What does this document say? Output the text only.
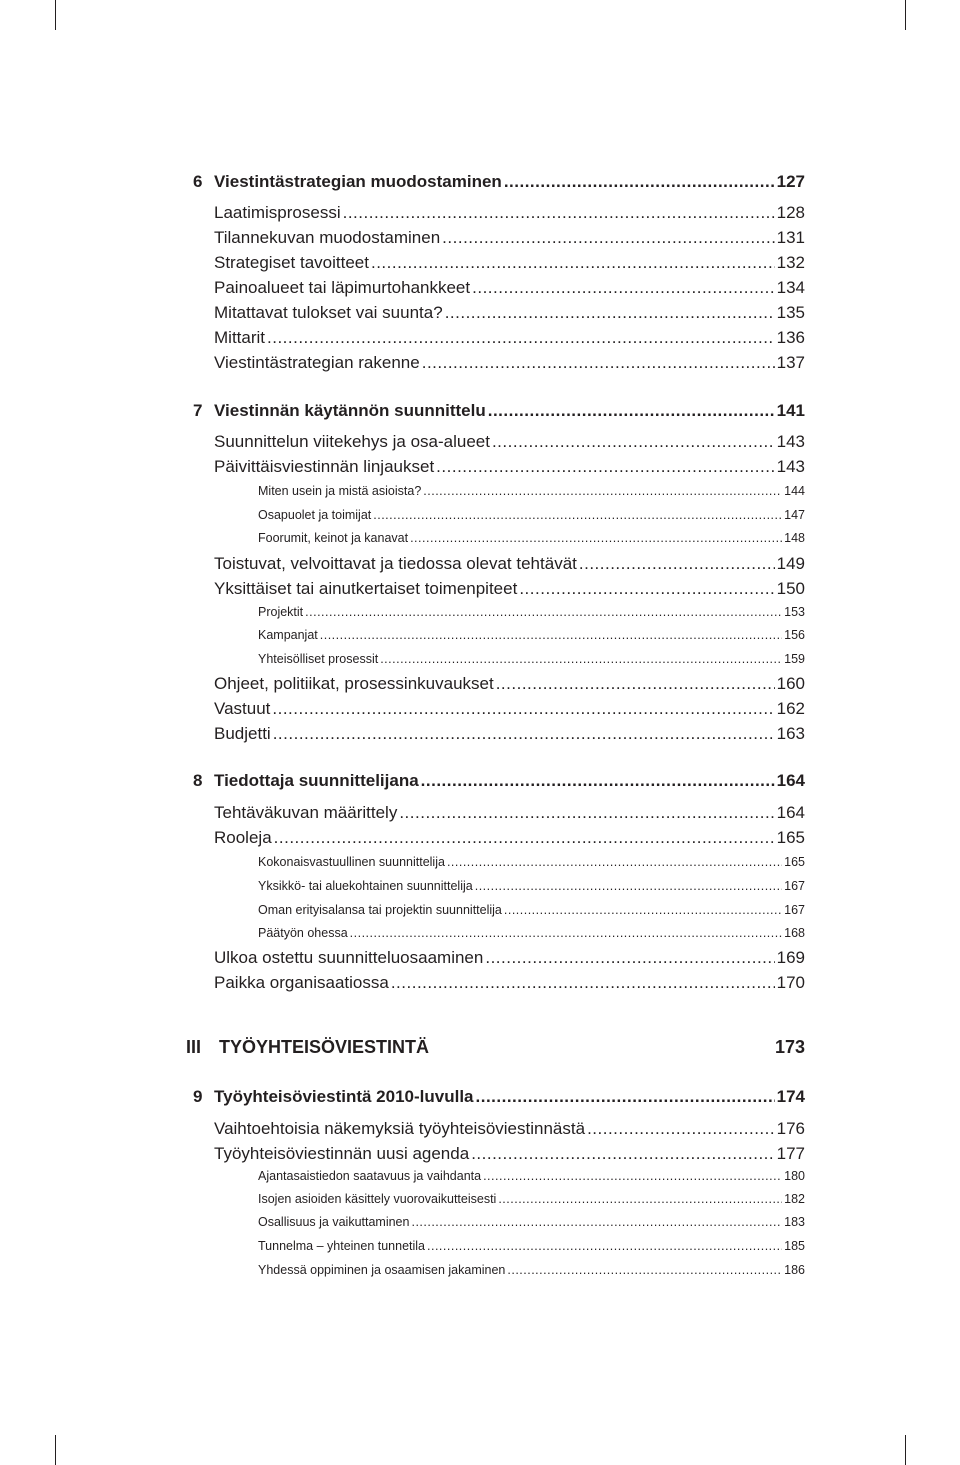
6 Viestintästrategian muodostaminen .....	127
Laatimisprosessi .....	128
Tilannekuvan muodostaminen .....	131
Strategiset tavoitteet .....	132
Painoalueet tai läpimurtohankkeet .....	134
Mitattavat tulokset vai suunta? .....	135
Mittarit .....	136
Viestintästrategian rakenne .....	137
7 Viestinnän käytännön suunnittelu .....	141
Suunnittelun viitekehys ja osa-alueet .....	143
Päivittäisviestinnän linjaukset .....	143
Miten usein ja mistä asioista? .....	144
Osapuolet ja toimijat .....	147
Foorumit, keinot ja kanavat .....	148
Toistuvat, velvoittavat ja tiedossa olevat tehtävät .....	149
Yksittäiset tai ainutkertaiset toimenpiteet .....	150
Projektit .....	153
Kampanjat .....	156
Yhteisölliset prosessit .....	159
Ohjeet, politiikat, prosessinkuvaukset .....	160
Vastuut .....	162
Budjetti .....	163
8 Tiedottaja suunnittelijana .....	164
Tehtäväkuvan määrittely .....	164
Rooleja .....	165
Kokonaisvastuullinen suunnittelija .....	165
Yksikkö- tai aluekohtainen suunnittelija .....	167
Oman erityisalansa tai projektin suunnittelija .....	167
Päätyön ohessa .....	168
Ulkoa ostettu suunnitteluosaaminen .....	169
Paikka organisaatiossa .....	170
III TYÖYHTEISÖVIESTINTÄ	173
9 Työyhteisöviestintä 2010-luvulla .....	174
Vaihtoehtoisia näkemyksiä työyhteisöviestinnästä .....	176
Työyhteisöviestinnän uusi agenda .....	177
Ajantasaistiedon saatavuus ja vaihdanta .....	180
Isojen asioiden käsittely vuorovaikutteisesti .....	182
Osallisuus ja vaikuttaminen .....	183
Tunnelma – yhteinen tunnetila .....	185
Yhdessä oppiminen ja osaamisen jakaminen .....	186
